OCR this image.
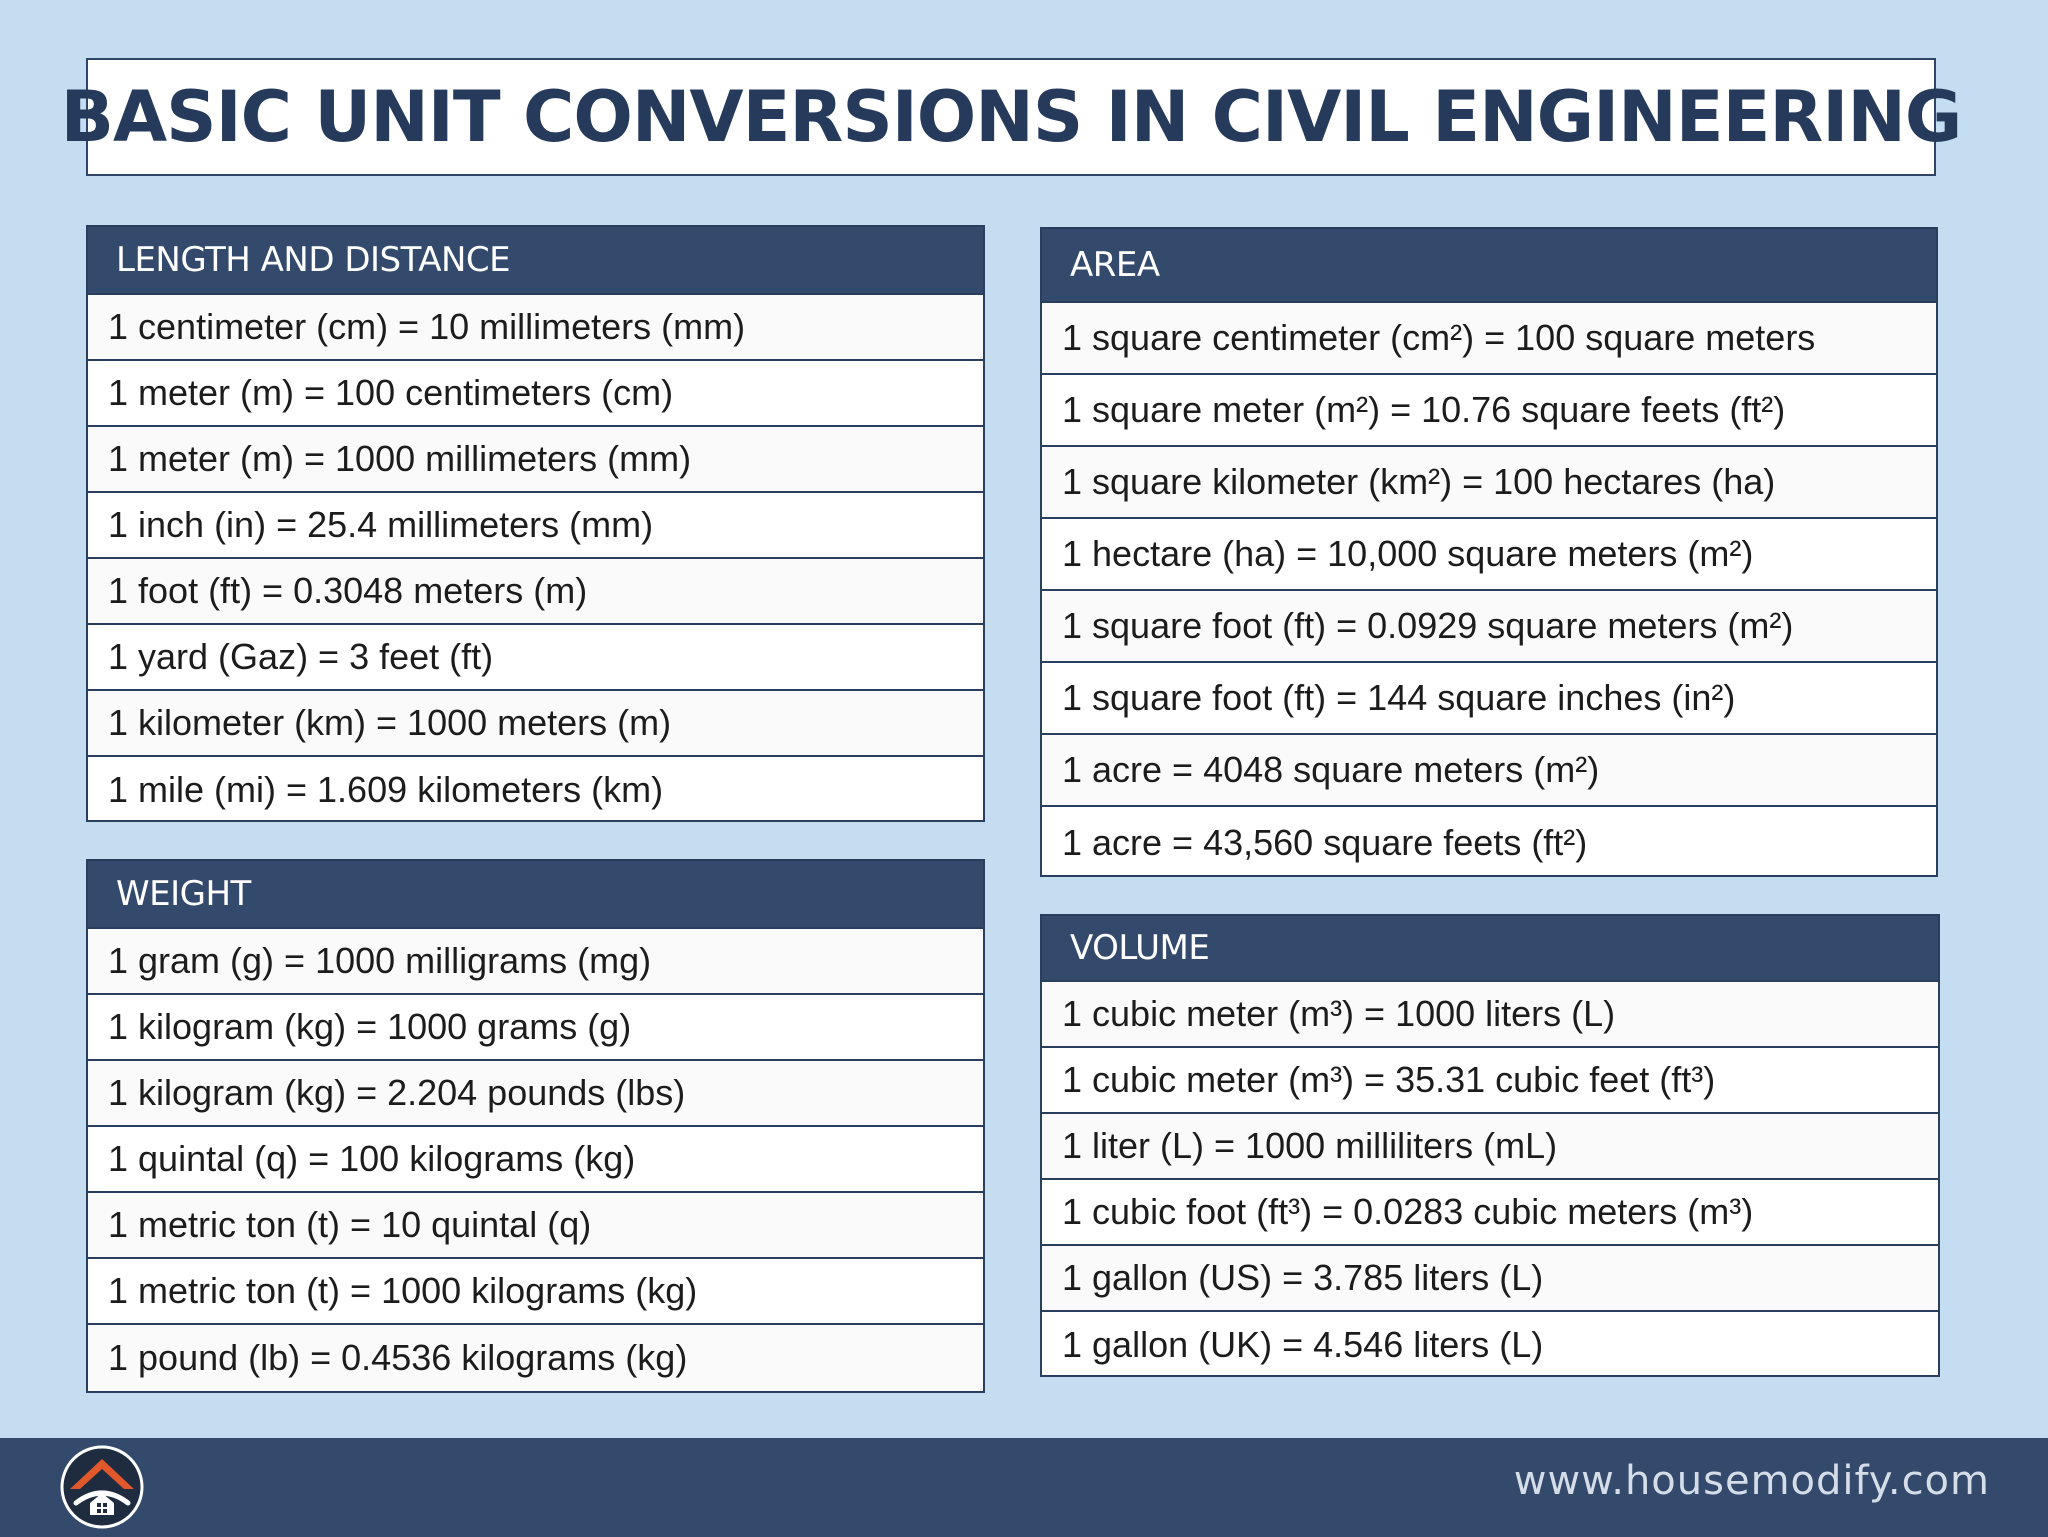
BASIC UNIT CONVERSIONS IN CIVIL ENGINEERING
LENGTH AND DISTANCE
1 centimeter (cm) = 10 millimeters (mm)
1 meter (m) = 100 centimeters (cm)
1 meter (m) = 1000 millimeters (mm)
1 inch (in) = 25.4 millimeters (mm)
1 foot (ft) = 0.3048 meters (m)
1 yard (Gaz) = 3 feet (ft)
1 kilometer (km) = 1000 meters (m)
1 mile (mi) = 1.609 kilometers (km)
WEIGHT
1 gram (g) = 1000 milligrams (mg)
1 kilogram (kg) = 1000 grams (g)
1 kilogram (kg) = 2.204 pounds (lbs)
1 quintal (q) = 100 kilograms (kg)
1 metric ton (t) = 10 quintal (q)
1 metric ton (t) = 1000 kilograms (kg)
1 pound (lb) = 0.4536 kilograms (kg)
AREA
1 square centimeter (cm²) = 100 square meters
1 square meter (m²) = 10.76 square feets (ft²)
1 square kilometer (km²) = 100 hectares (ha)
1 hectare (ha) = 10,000 square meters (m²)
1 square foot (ft) = 0.0929 square meters (m²)
1 square foot (ft) = 144 square inches (in²)
1 acre = 4048 square meters (m²)
1 acre = 43,560 square feets (ft²)
VOLUME
1 cubic meter (m³) = 1000 liters (L)
1 cubic meter (m³) = 35.31 cubic feet (ft³)
1 liter (L) = 1000 milliliters (mL)
1 cubic foot (ft³) = 0.0283 cubic meters (m³)
1 gallon (US) = 3.785 liters (L)
1 gallon (UK) = 4.546 liters (L)
www.housemodify.com
